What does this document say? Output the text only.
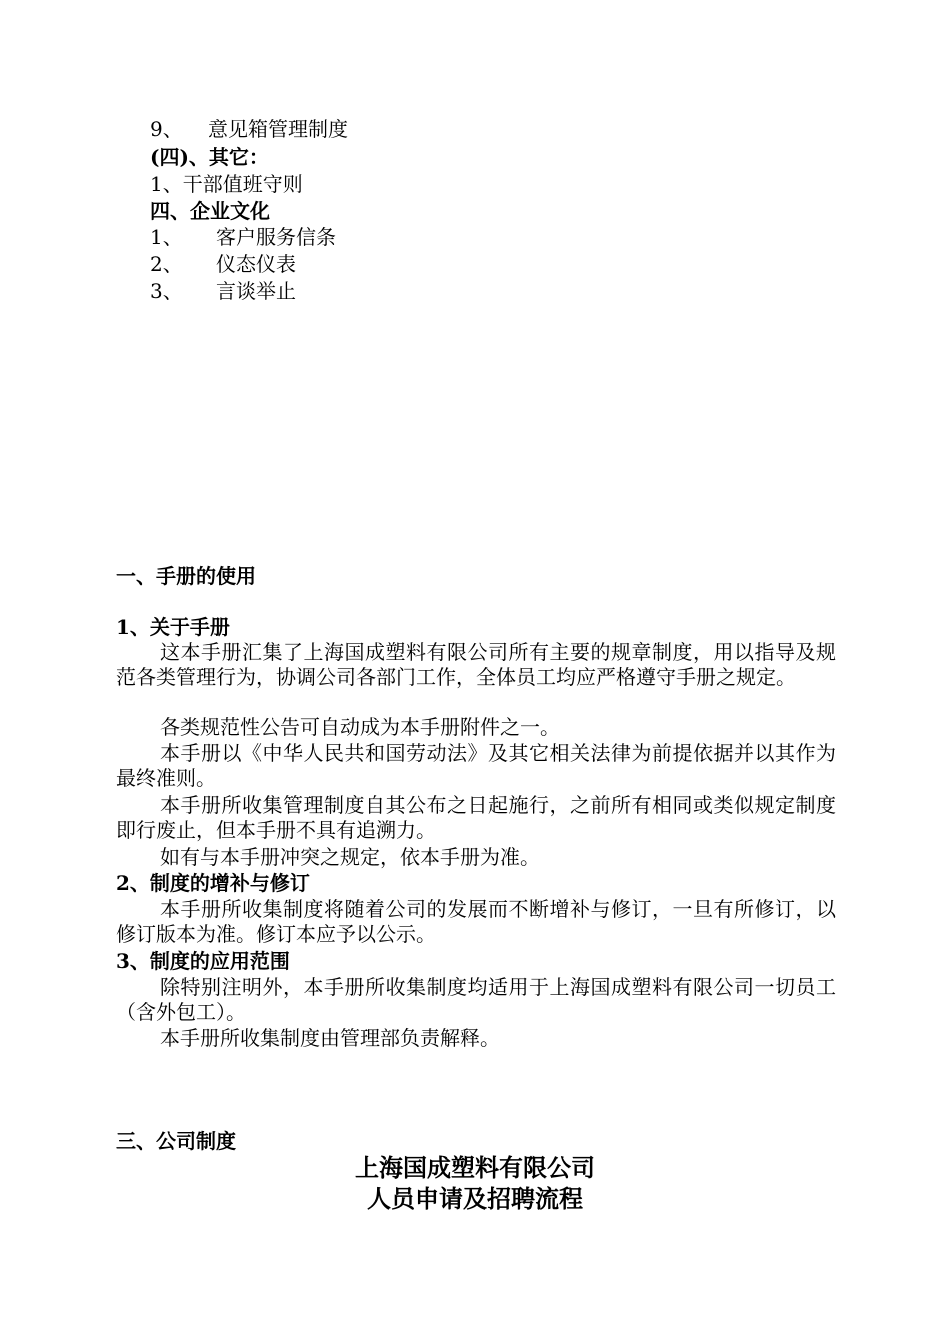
9、 意见箱管理制度
(四)、其它：
1、干部值班守则
四、企业文化
1、 客户服务信条
2、 仪态仪表
3、 言谈举止
一、手册的使用
1、关于手册
这本手册汇集了上海国成塑料有限公司所有主要的规章制度，用以指导及规范各类管理行为，协调公司各部门工作，全体员工均应严格遵守手册之规定。
各类规范性公告可自动成为本手册附件之一。
本手册以《中华人民共和国劳动法》及其它相关法律为前提依据并以其作为最终准则。
本手册所收集管理制度自其公布之日起施行，之前所有相同或类似规定制度即行废止，但本手册不具有追溯力。
如有与本手册冲突之规定，依本手册为准。
2、制度的增补与修订
本手册所收集制度将随着公司的发展而不断增补与修订，一旦有所修订，以修订版本为准。修订本应予以公示。
3、制度的应用范围
除特别注明外，本手册所收集制度均适用于上海国成塑料有限公司一切员工（含外包工）。
本手册所收集制度由管理部负责解释。
三、公司制度
上海国成塑料有限公司
人员申请及招聘流程
